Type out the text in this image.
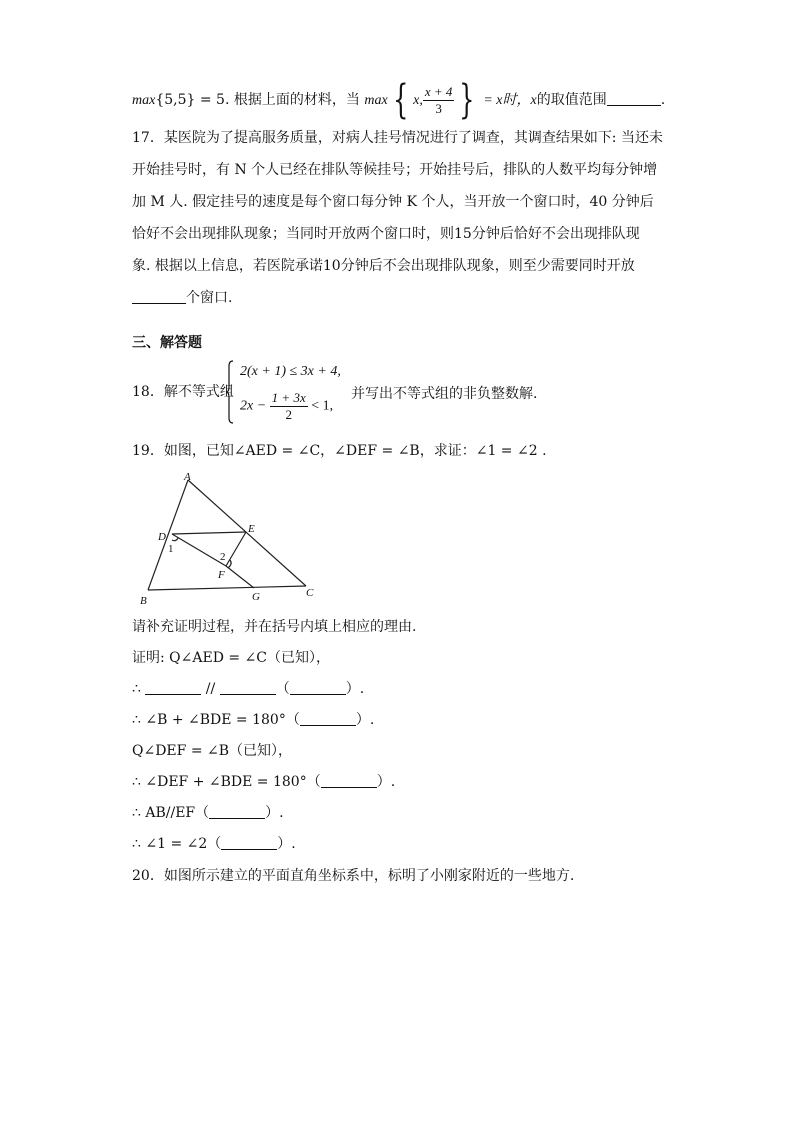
max{5,5} = 5. 根据上面的材料，当 max { x, $\frac{x + 4}{3}$ } = x时，x的取值范围	.
17．某医院为了提高服务质量，对病人挂号情况进行了调查，其调查结果如下: 当还未
开始挂号时，有 N 个人已经在排队等候挂号；开始挂号后，排队的人数平均每分钟增
加 M 人. 假定挂号的速度是每个窗口每分钟 K 个人，当开放一个窗口时，40 分钟后
恰好不会出现排队现象；当同时开放两个窗口时，则15分钟后恰好不会出现排队现
象. 根据以上信息，若医院承诺10分钟后不会出现排队现象，则至少需要同时开放
个窗口.
三、解答题
18．解不等式组
2(x + 1) ≤ 3x + 4,
$2x - \frac{1 + 3x}{2} < 1$,
并写出不等式组的非负整数解.
19．如图，已知∠AED = ∠C，∠DEF = ∠B，求证：∠1 = ∠2 .
A
D
E
1
2
F
B	G	C
请补充证明过程，并在括号内填上相应的理由.
证明: Q∠AED = ∠C（已知），
∴	//	（	）.
∴ ∠B + ∠BDE = 180°（	）.
Q∠DEF = ∠B（已知），
∴ ∠DEF + ∠BDE = 180°（	）.
∴ AB//EF（	）.
∴ ∠1 = ∠2（	）.
20．如图所示建立的平面直角坐标系中，标明了小刚家附近的一些地方.
